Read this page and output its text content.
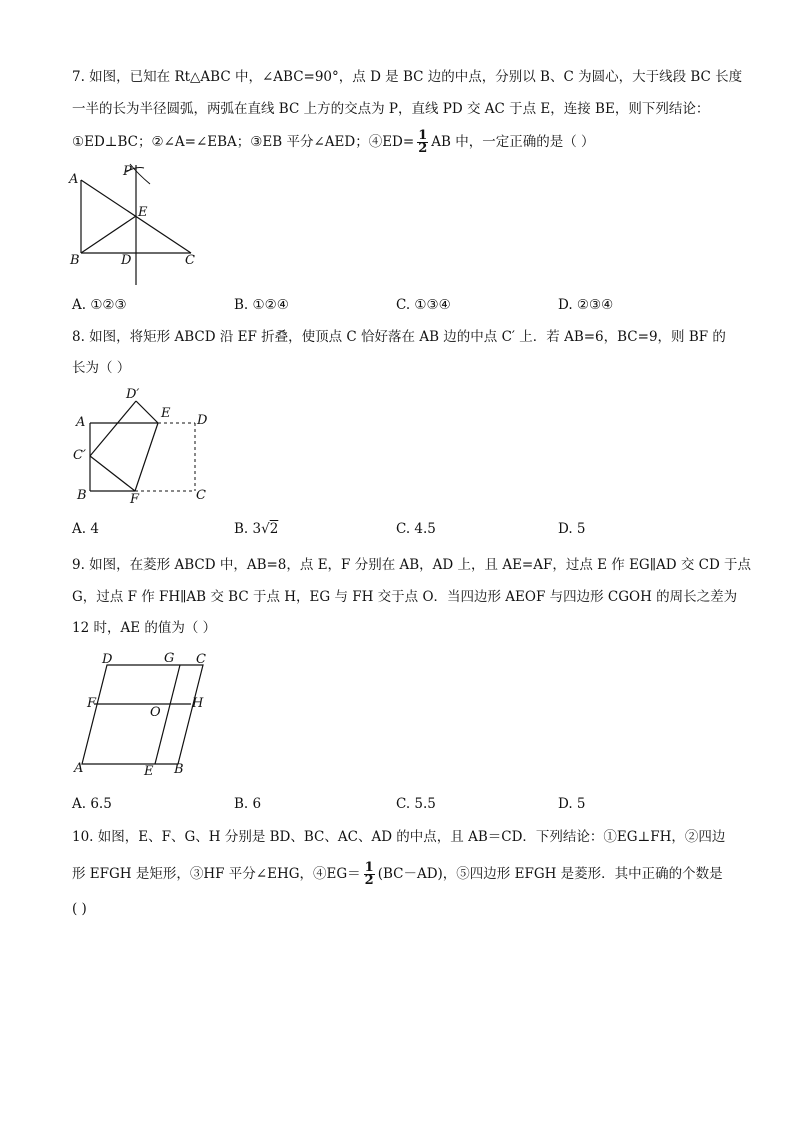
7. 如图，已知在 Rt△ABC 中，∠ABC=90°，点 D 是 BC 边的中点，分别以 B、C 为圆心，大于线段 BC 长度
一半的长为半径圆弧，两弧在直线 BC 上方的交点为 P，直线 PD 交 AC 于点 E，连接 BE，则下列结论：
①ED⊥BC；②∠A=∠EBA；③EB 平分∠AED；④ED= $\frac{1}{2}$ AB 中，一定正确的是（ ）
A
P
E
B	D	C
A. ①②③	B. ①②④	C. ①③④	D. ②③④
8. 如图，将矩形 ABCD 沿 EF 折叠，使顶点 C 恰好落在 AB 边的中点 C′ 上．若 AB=6，BC=9，则 BF 的
长为（ ）
D′
E D
A
C′
B	F	C
A. 4	B. 3√2	C. 4.5	D. 5
9. 如图，在菱形 ABCD 中，AB=8，点 E，F 分别在 AB，AD 上，且 AE=AF，过点 E 作 EG∥AD 交 CD 于点
G，过点 F 作 FH∥AB 交 BC 于点 H，EG 与 FH 交于点 O．当四边形 AEOF 与四边形 CGOH 的周长之差为
12 时，AE 的值为（ ）
D	G C
F
O
H
A	E B
A. 6.5	B. 6	C. 5.5	D. 5
10. 如图，E、F、G、H 分别是 BD、BC、AC、AD 的中点，且 AB＝CD．下列结论：①EG⊥FH，②四边
形 EFGH 是矩形，③HF 平分∠EHG，④EG＝ $\frac{1}{2} (BC-AD)$，⑤四边形 EFGH 是菱形．其中正确的个数是
( )
